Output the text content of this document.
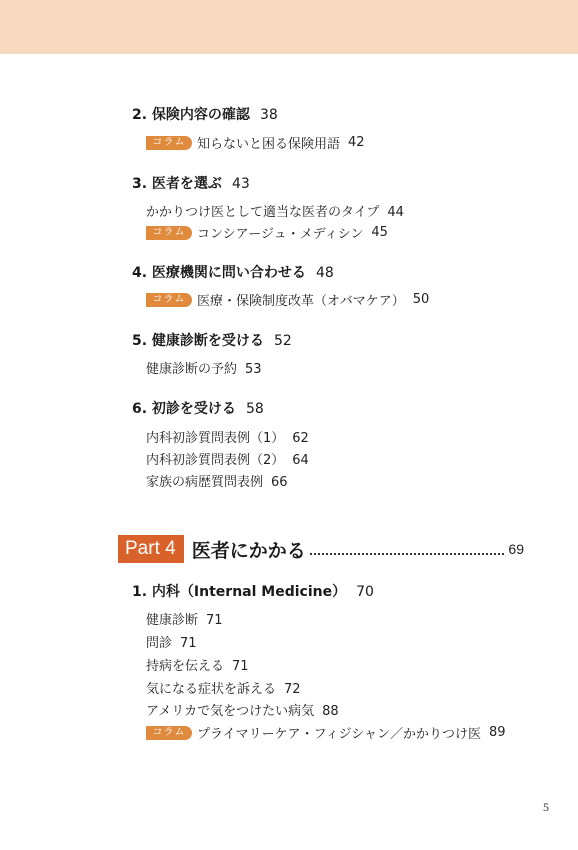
2. 保険内容の確認 38
コラム 知らないと困る保険用語 42
3. 医者を選ぶ 43
かかりつけ医として適当な医者のタイプ 44
コラム コンシアージュ・メディシン 45
4. 医療機関に問い合わせる 48
コラム 医療・保険制度改革（オバマケア） 50
5. 健康診断を受ける 52
健康診断の予約 53
6. 初診を受ける 58
内科初診質問表例（1） 62
内科初診質問表例（2） 64
家族の病歴質問表例 66
Part 4 医者にかかる	69
1. 内科（Internal Medicine） 70
健康診断 71
問診 71
持病を伝える 71
気になる症状を訴える 72
アメリカで気をつけたい病気 88
コラム プライマリーケア・フィジシャン／かかりつけ医 89
5
